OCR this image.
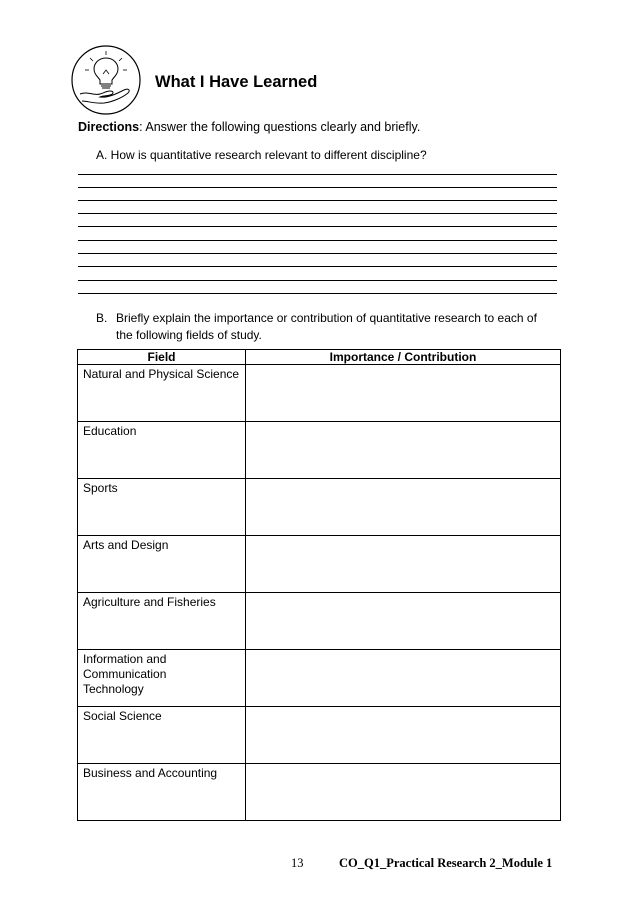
What I Have Learned
Directions: Answer the following questions clearly and briefly.
A. How is quantitative research relevant to different discipline?
B. Briefly explain the importance or contribution of quantitative research to each of the following fields of study.
Field	Importance / Contribution
Natural and Physical Science	
Education	
Sports	
Arts and Design	
Agriculture and Fisheries	
Information and Communication Technology	
Social Science	
Business and Accounting	
13	CO_Q1_Practical Research 2_Module 1
